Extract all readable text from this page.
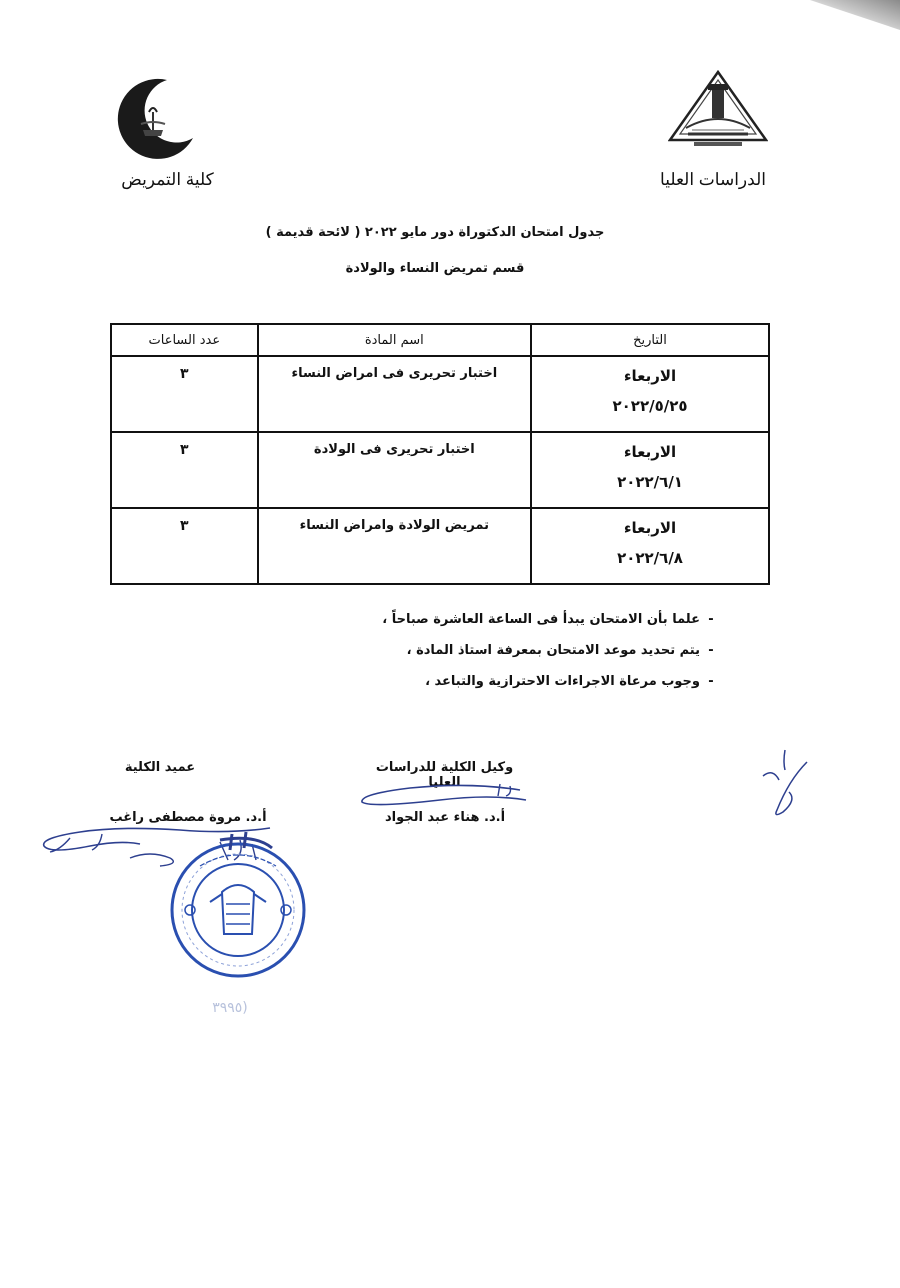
كلية التمريض	الدراسات العليا
جدول امتحان الدكتوراة دور مايو ٢٠٢٢ ( لائحة قديمة )
قسم تمريض النساء والولادة
التاريخ	اسم المادة	عدد الساعات

الاربعاء
٢٠٢٢/٥/٢٥	اختبار تحريرى فى امراض النساء	٣

الاربعاء
٢٠٢٢/٦/١	اختبار تحريرى فى الولادة	٣

الاربعاء
٢٠٢٢/٦/٨	تمريض الولادة وامراض النساء	٣
-علما بأن الامتحان يبدأ فى الساعة العاشرة صباحاً ،
-يتم تحديد موعد الامتحان بمعرفة استاذ المادة ،
-وجوب مرعاة الاجراءات الاحترازية والتباعد ،
وكيل الكلية للدراسات العليا
عميد الكلية
أ.د. هناء عبد الجواد
أ.د. مروة مصطفى راغب
(٣٩٩٥
